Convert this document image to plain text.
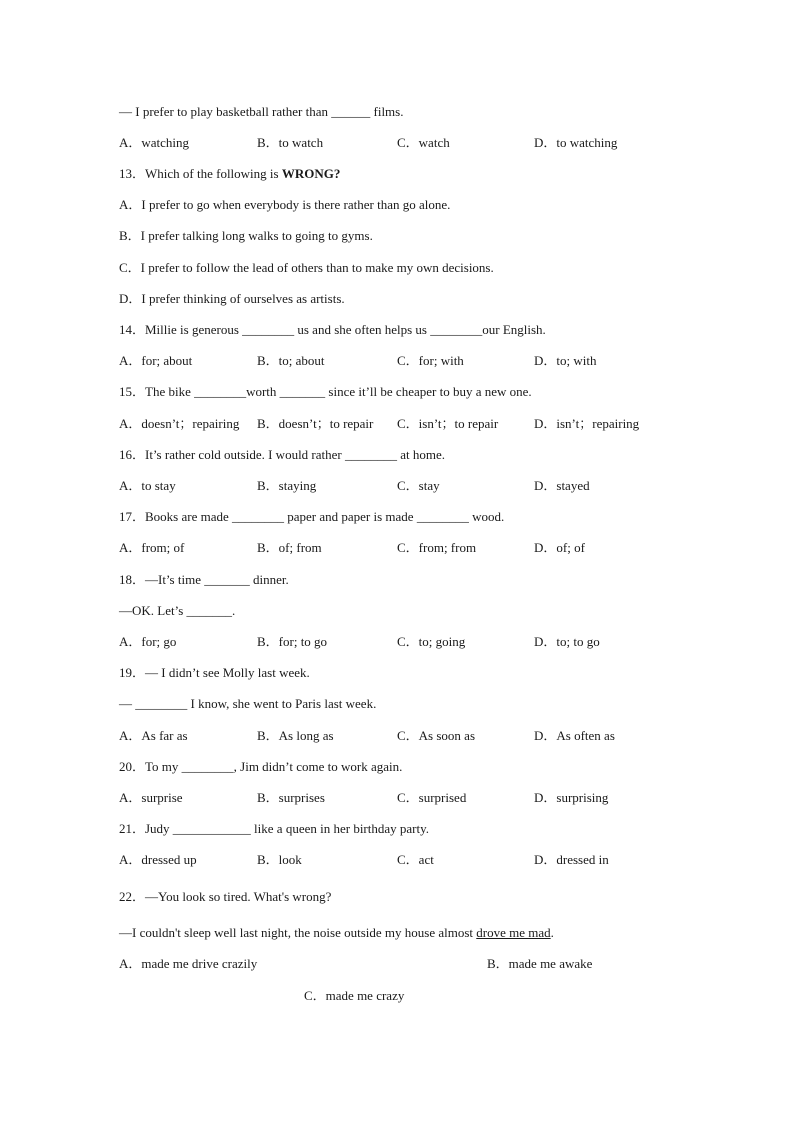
— I prefer to play basketball rather than ______ films.
A．watching	B．to watch	C．watch	D．to watching
13．Which of the following is WRONG?
A．I prefer to go when everybody is there rather than go alone.
B．I prefer talking long walks to going to gyms.
C．I prefer to follow the lead of others than to make my own decisions.
D．I prefer thinking of ourselves as artists.
14．Millie is generous ________ us and she often helps us ________our English.
A．for; about	B．to; about	C．for; with	D．to; with
15．The bike ________worth _______ since it’ll be cheaper to buy a new one.
A．doesn’t；repairing B．doesn’t；to repair C．isn’t；to repair	D．isn’t；repairing
16．It’s rather cold outside. I would rather ________ at home.
A．to stay	B．staying	C．stay	D．stayed
17．Books are made ________ paper and paper is made ________ wood.
A．from; of	B．of; from	C．from; from	D．of; of
18．—It’s time _______ dinner.
—OK. Let’s _______.
A．for; go	B．for; to go	C．to; going	D．to; to go
19．— I didn’t see Molly last week.
— ________ I know, she went to Paris last week.
A．As far as	B．As long as	C．As soon as	D．As often as
20．To my ________, Jim didn’t come to work again.
A．surprise	B．surprises	C．surprised	D．surprising
21．Judy ____________ like a queen in her birthday party.
A．dressed up	B．look	C．act	D．dressed in
22．—You look so tired. What's wrong?
—I couldn't sleep well last night, the noise outside my house almost drove me mad.
A．made me drive crazily	B．made me awake
C．made me crazy
